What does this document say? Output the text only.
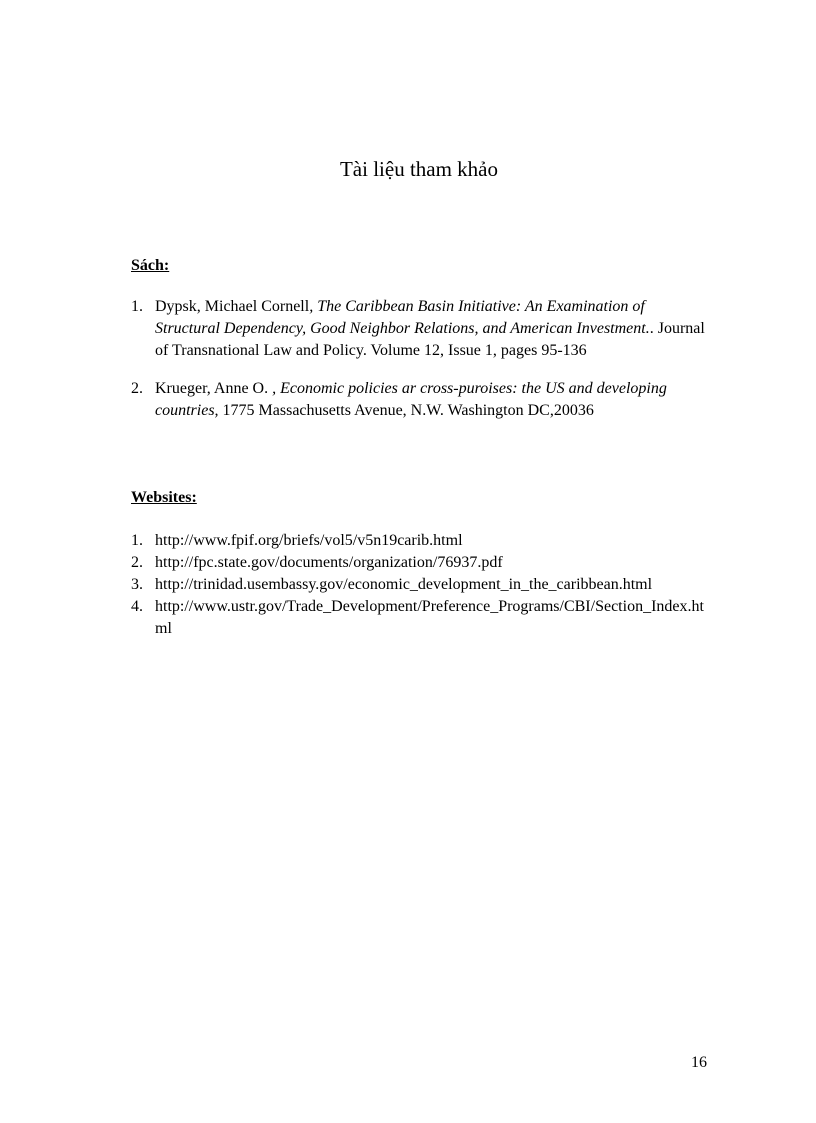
Tài liệu tham khảo
Sách:
1. Dypsk, Michael Cornell, The Caribbean Basin Initiative: An Examination of Structural Dependency, Good Neighbor Relations, and American Investment.. Journal of Transnational Law and Policy. Volume 12, Issue 1, pages 95-136
2. Krueger, Anne O. , Economic policies ar cross-puroises: the US and developing countries, 1775 Massachusetts Avenue, N.W. Washington DC,20036
Websites:
1. http://www.fpif.org/briefs/vol5/v5n19carib.html
2. http://fpc.state.gov/documents/organization/76937.pdf
3. http://trinidad.usembassy.gov/economic_development_in_the_caribbean.html
4. http://www.ustr.gov/Trade_Development/Preference_Programs/CBI/Section_Index.html
16
